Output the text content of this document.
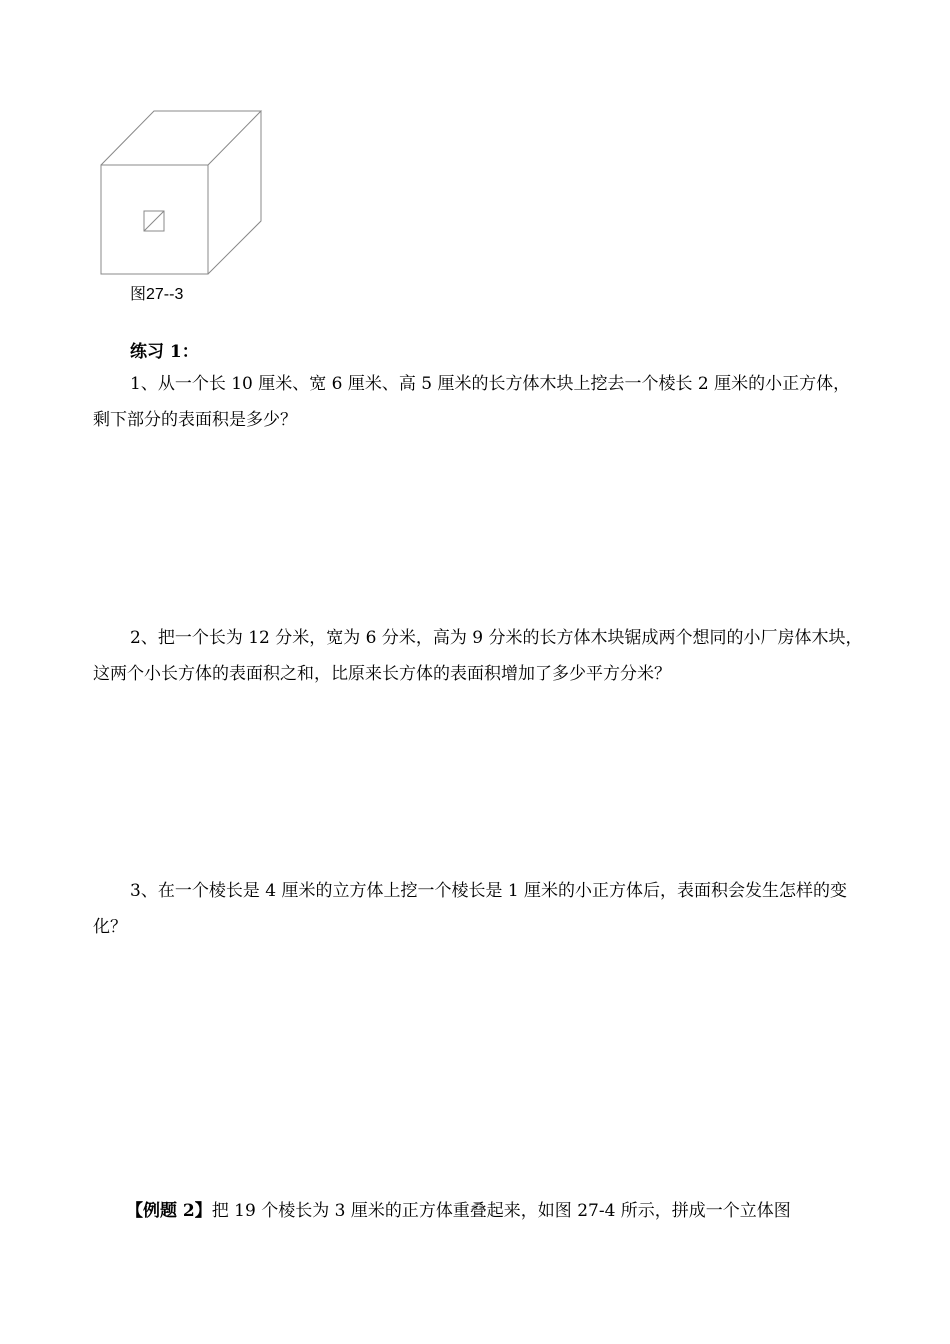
图27--3
练习 1：
1、从一个长 10 厘米、宽 6 厘米、高 5 厘米的长方体木块上挖去一个棱长 2 厘米的小正方体，剩下部分的表面积是多少？
2、把一个长为 12 分米，宽为 6 分米，高为 9 分米的长方体木块锯成两个想同的小厂房体木块，这两个小长方体的表面积之和，比原来长方体的表面积增加了多少平方分米？
3、在一个棱长是 4 厘米的立方体上挖一个棱长是 1 厘米的小正方体后，表面积会发生怎样的变化？
【例题 2】把 19 个棱长为 3 厘米的正方体重叠起来，如图 27-4 所示，拼成一个立体图
